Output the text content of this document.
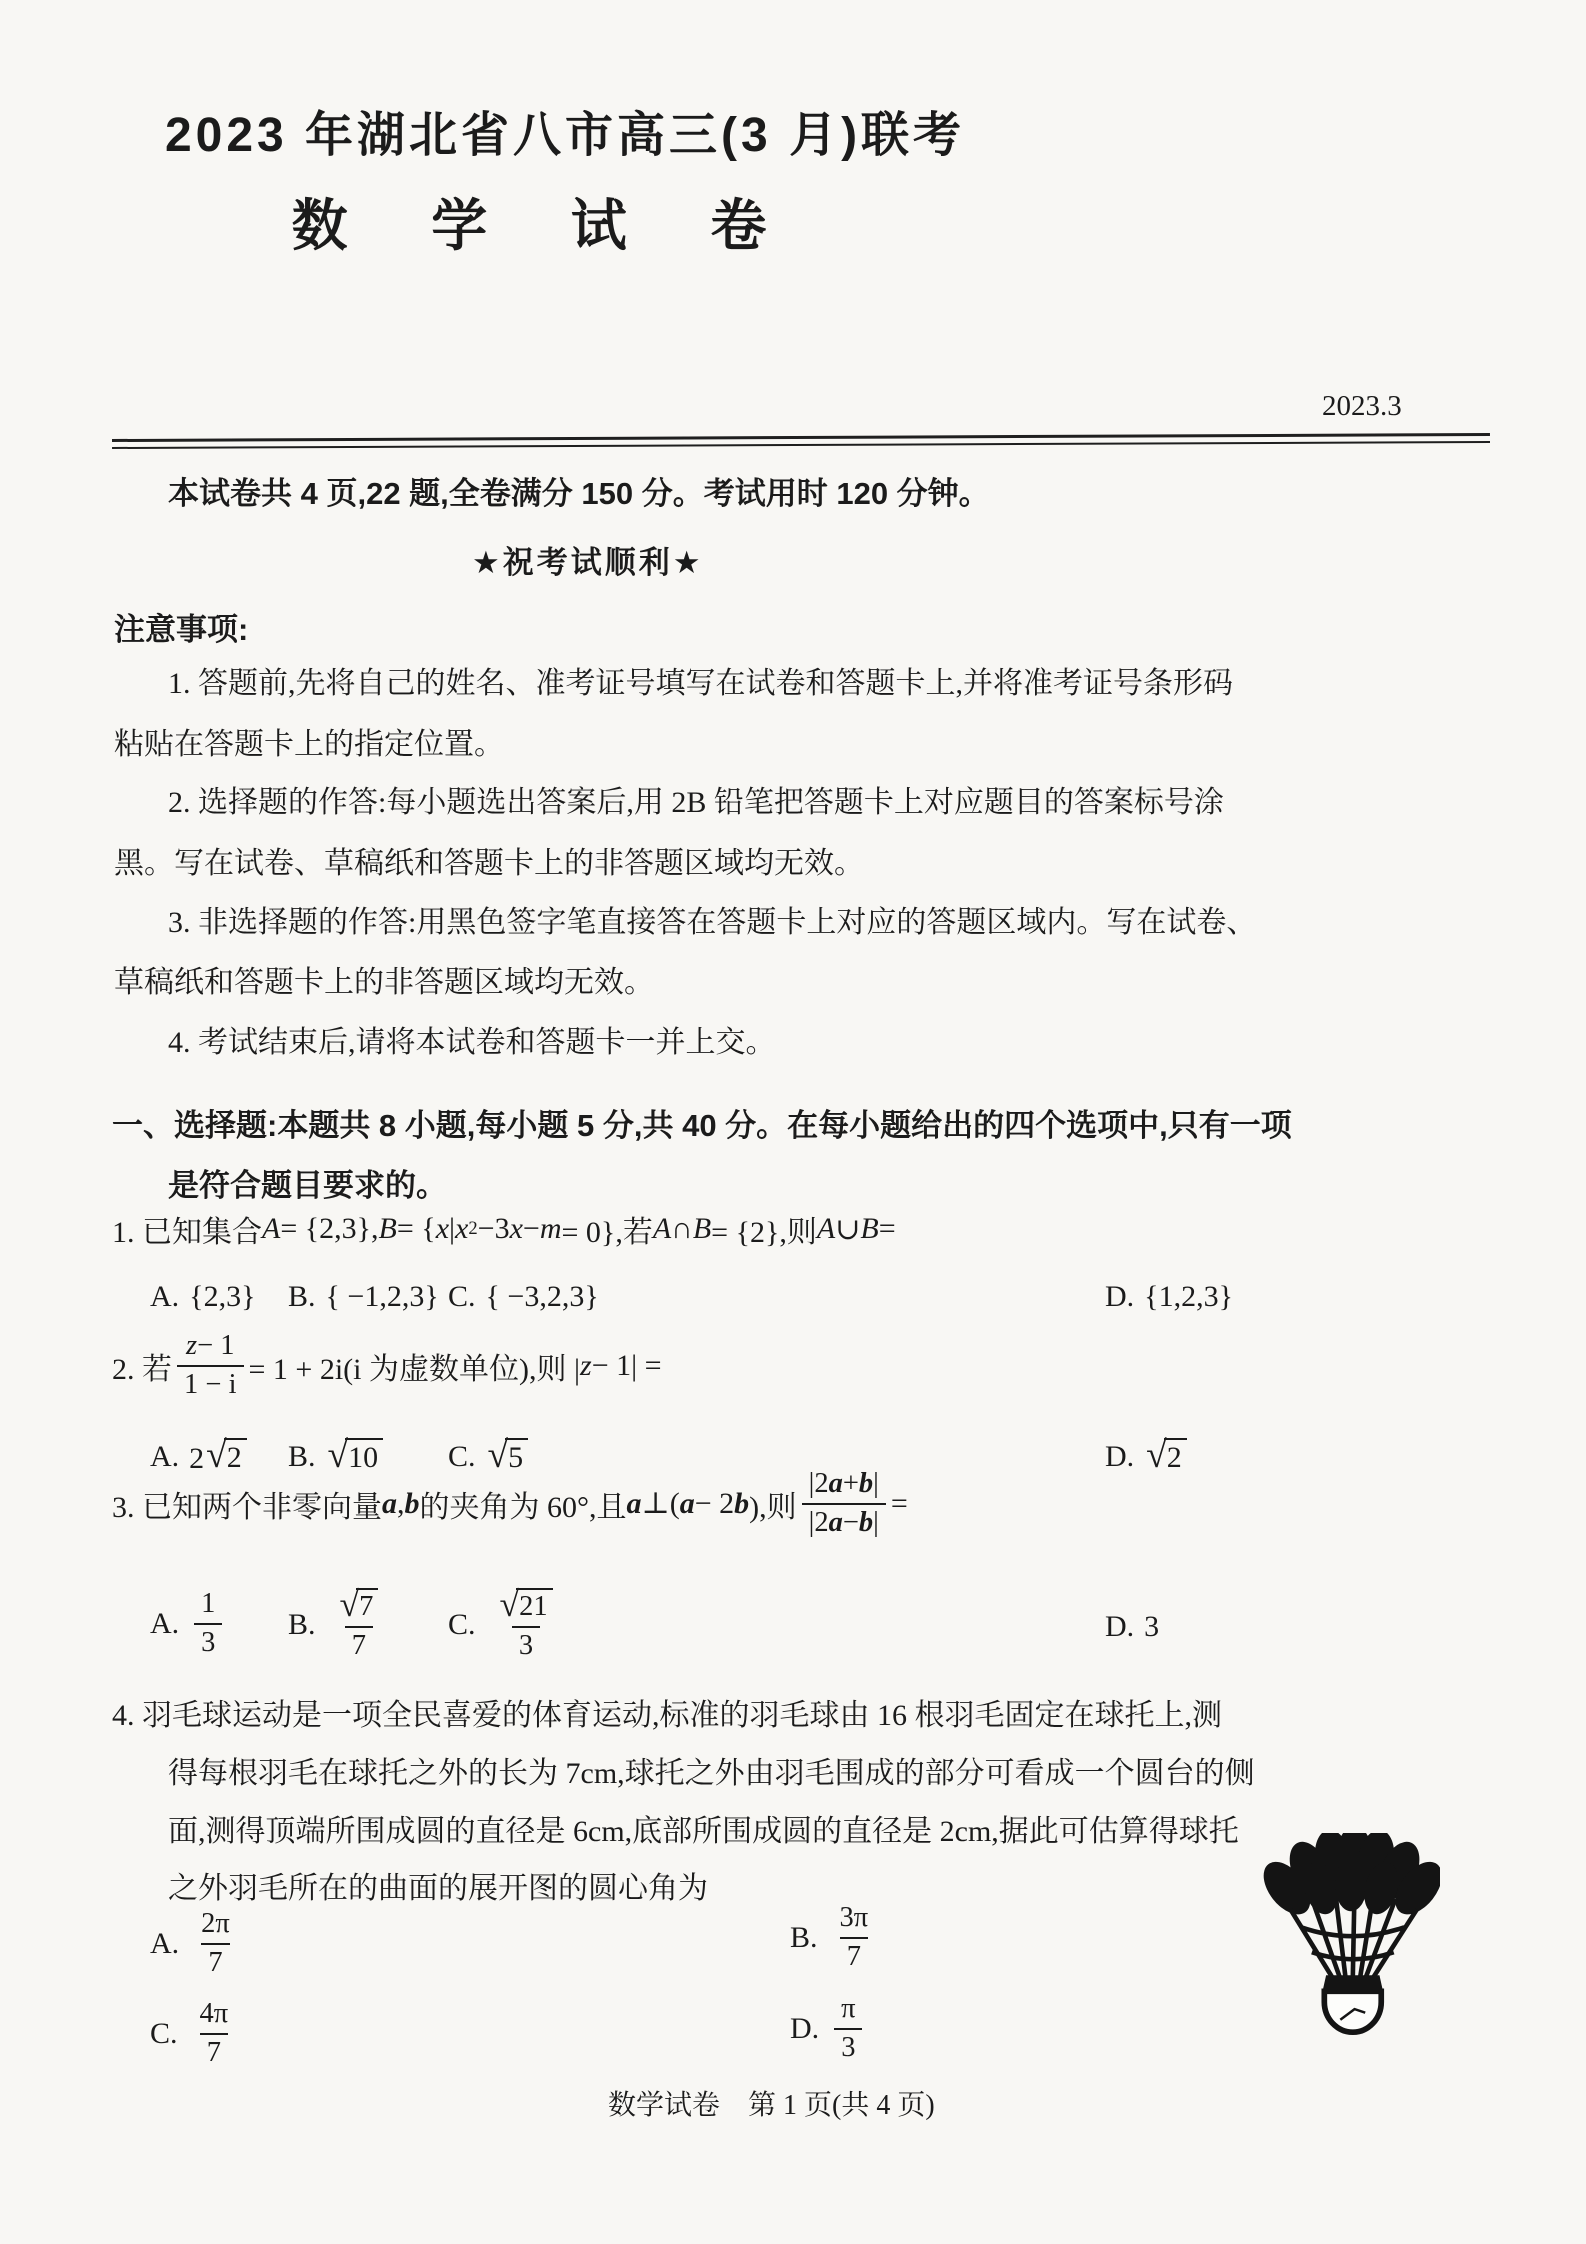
2023 年湖北省八市高三(3 月)联考
数 学 试 卷
2023.3
本试卷共 4 页,22 题,全卷满分 150 分。考试用时 120 分钟。
★祝考试顺利★
注意事项:
1. 答题前,先将自己的姓名、准考证号填写在试卷和答题卡上,并将准考证号条形码
粘贴在答题卡上的指定位置。
2. 选择题的作答:每小题选出答案后,用 2B 铅笔把答题卡上对应题目的答案标号涂
黑。写在试卷、草稿纸和答题卡上的非答题区域均无效。
3. 非选择题的作答:用黑色签字笔直接答在答题卡上对应的答题区域内。写在试卷、
草稿纸和答题卡上的非答题区域均无效。
4. 考试结束后,请将本试卷和答题卡一并上交。
一、选择题:本题共 8 小题,每小题 5 分,共 40 分。在每小题给出的四个选项中,只有一项
是符合题目要求的。
1. 已知集合 A = {2,3}, B = { x | x 2 −3 x − m = 0},若 A ∩ B = {2},则 A ∪ B =
A. {2,3} B. { −1,2,3} C. { −3,2,3}	D. {1,2,3}
2. 若 $\frac{z - 1}{1 - i} = 1 + 2i(i$ 为虚数单位),则 | z − 1| =
A. 2 √ 2 B. √ 10 C. √ 5	D. √ 2
3. 已知两个非零向量 a , b 的夹角为 60°,且 a ⊥( a − 2 b ),则 $\frac{|2 a + b |}{|2 a - b |}$ =
A. $\frac{1}{3} B$. $\frac{√ 7}{7} C$. $\frac{√ 21}{3}$	D. 3
4. 羽毛球运动是一项全民喜爱的体育运动,标准的羽毛球由 16 根羽毛固定在球托上,测
得每根羽毛在球托之外的长为 7cm,球托之外由羽毛围成的部分可看成一个圆台的侧
面,测得顶端所围成圆的直径是 6cm,底部所围成圆的直径是 2cm,据此可估算得球托
之外羽毛所在的曲面的展开图的圆心角为
A. $\frac{2\pi}{7}$	B. $\frac{3\pi}{7}$
C. $\frac{4\pi}{7}$	D. $\frac{\pi}{3}$
数学试卷　第 1 页(共 4 页)
